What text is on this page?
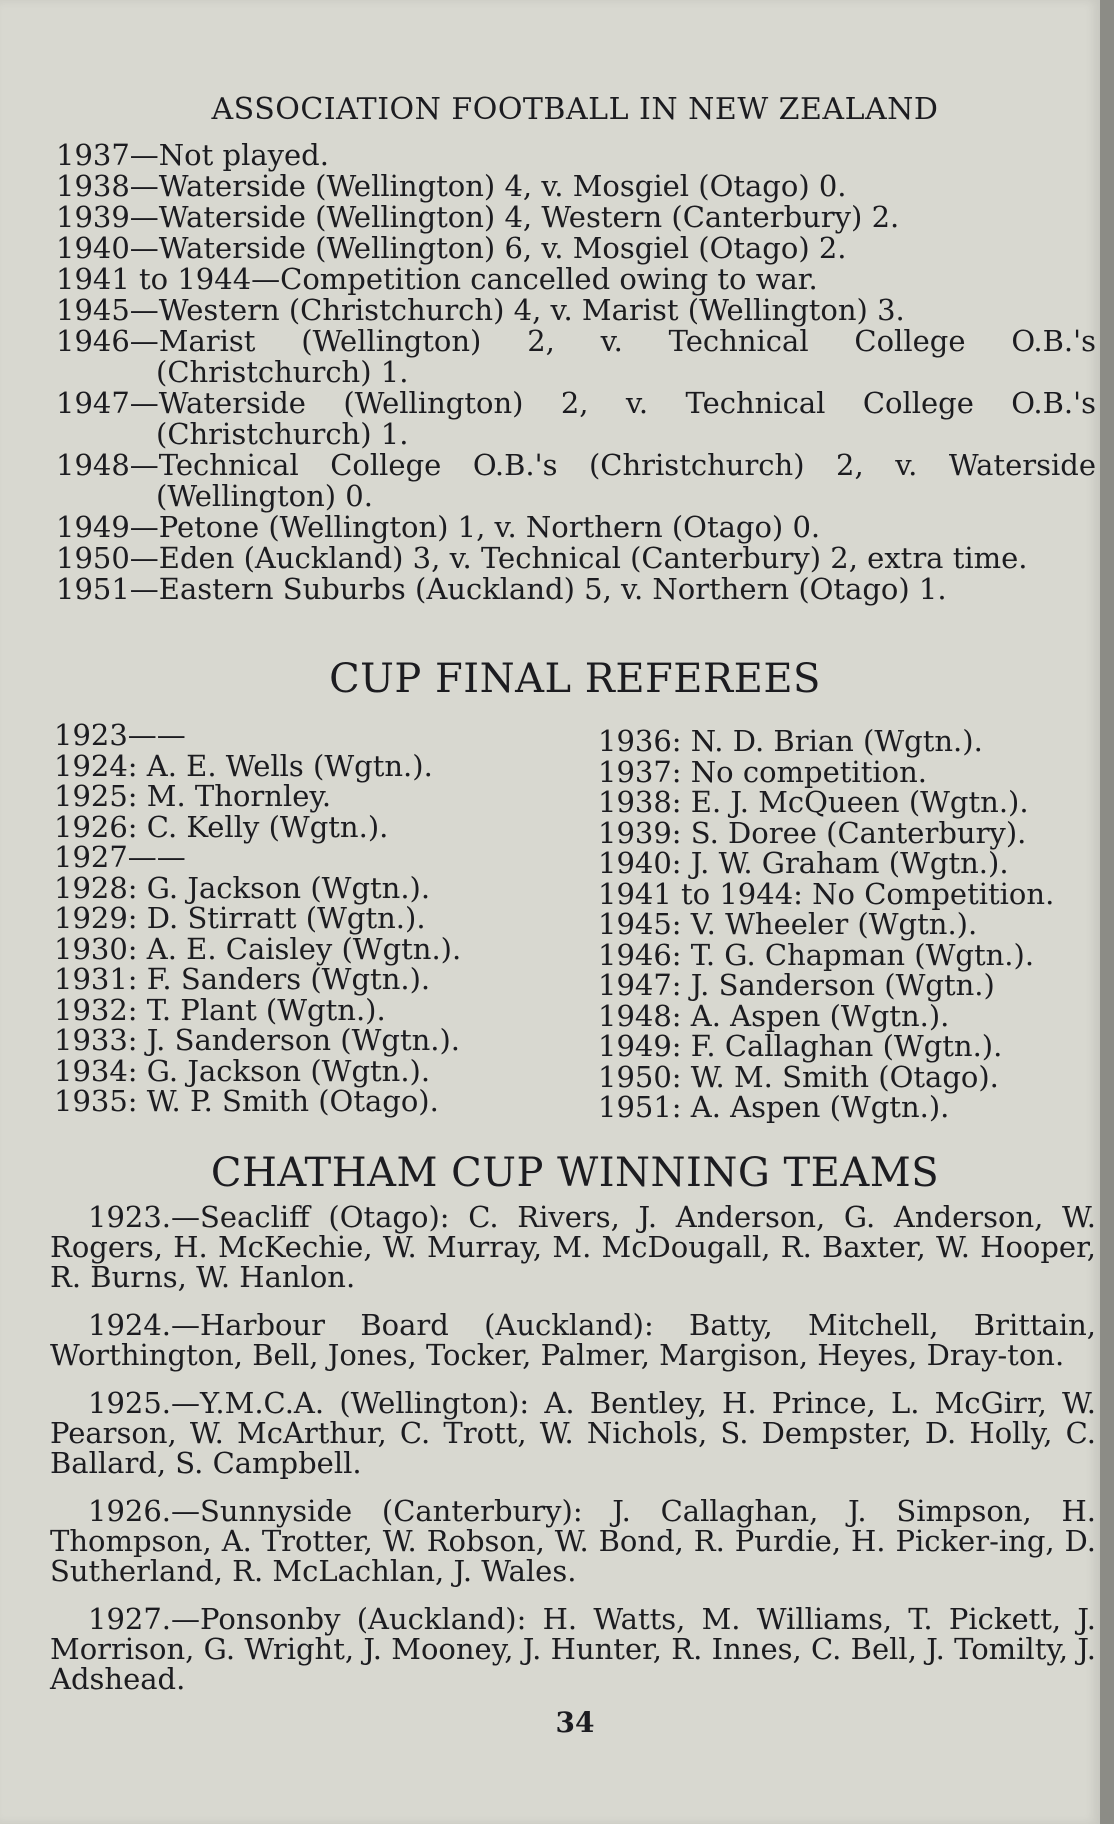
ASSOCIATION FOOTBALL IN NEW ZEALAND
1937—Not played.
1938—Waterside (Wellington) 4, v. Mosgiel (Otago) 0.
1939—Waterside (Wellington) 4, Western (Canterbury) 2.
1940—Waterside (Wellington) 6, v. Mosgiel (Otago) 2.
1941 to 1944—Competition cancelled owing to war.
1945—Western (Christchurch) 4, v. Marist (Wellington) 3.
1946—Marist (Wellington) 2, v. Technical College O.B.'s (Christchurch) 1.
1947—Waterside (Wellington) 2, v. Technical College O.B.'s (Christchurch) 1.
1948—Technical College O.B.'s (Christchurch) 2, v. Waterside (Wellington) 0.
1949—Petone (Wellington) 1, v. Northern (Otago) 0.
1950—Eden (Auckland) 3, v. Technical (Canterbury) 2, extra time.
1951—Eastern Suburbs (Auckland) 5, v. Northern (Otago) 1.
CUP FINAL REFEREES
1923——
1924: A. E. Wells (Wgtn.).
1925: M. Thornley.
1926: C. Kelly (Wgtn.).
1927——
1928: G. Jackson (Wgtn.).
1929: D. Stirratt (Wgtn.).
1930: A. E. Caisley (Wgtn.).
1931: F. Sanders (Wgtn.).
1932: T. Plant (Wgtn.).
1933: J. Sanderson (Wgtn.).
1934: G. Jackson (Wgtn.).
1935: W. P. Smith (Otago).
1936: N. D. Brian (Wgtn.).
1937: No competition.
1938: E. J. McQueen (Wgtn.).
1939: S. Doree (Canterbury).
1940: J. W. Graham (Wgtn.).
1941 to 1944: No Competition.
1945: V. Wheeler (Wgtn.).
1946: T. G. Chapman (Wgtn.).
1947: J. Sanderson (Wgtn.)
1948: A. Aspen (Wgtn.).
1949: F. Callaghan (Wgtn.).
1950: W. M. Smith (Otago).
1951: A. Aspen (Wgtn.).
CHATHAM CUP WINNING TEAMS

1923.—Seacliff (Otago): C. Rivers, J. Anderson, G. Anderson, W. Rogers, H. McKechie, W. Murray, M. McDougall, R. Baxter, W. Hooper, R. Burns, W. Hanlon.

1924.—Harbour Board (Auckland): Batty, Mitchell, Brittain, Worthington, Bell, Jones, Tocker, Palmer, Margison, Heyes, Dray-ton.

1925.—Y.M.C.A. (Wellington): A. Bentley, H. Prince, L. McGirr, W. Pearson, W. McArthur, C. Trott, W. Nichols, S. Dempster, D. Holly, C. Ballard, S. Campbell.

1926.—Sunnyside (Canterbury): J. Callaghan, J. Simpson, H. Thompson, A. Trotter, W. Robson, W. Bond, R. Purdie, H. Picker-ing, D. Sutherland, R. McLachlan, J. Wales.

1927.—Ponsonby (Auckland): H. Watts, M. Williams, T. Pickett, J. Morrison, G. Wright, J. Mooney, J. Hunter, R. Innes, C. Bell, J. Tomilty, J. Adshead.

34
